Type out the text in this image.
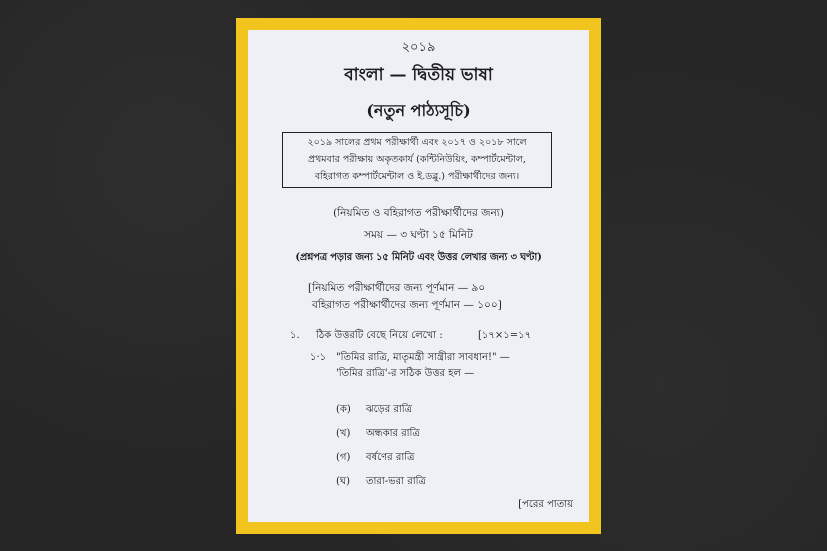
২০১৯
বাংলা — দ্বিতীয় ভাষা
(নতুন পাঠ্যসূচি)
২০১৯ সালের প্রথম পরীক্ষার্থী এবং ২০১৭ ও ২০১৮ সালে
প্রথমবার পরীক্ষায় অকৃতকার্য (কন্টিনিউয়িং, কম্পার্টমেন্টাল,
বহিরাগত কম্পার্টমেন্টাল ও ই.ডব্লু.) পরীক্ষার্থীদের জন্য।
(নিয়মিত ও বহিরাগত পরীক্ষার্থীদের জন্য)
সময় — ৩ ঘণ্টা ১৫ মিনিট
(প্রশ্নপত্র পড়ার জন্য ১৫ মিনিট এবং উত্তর লেখার জন্য ৩ ঘণ্টা)
[নিয়মিত পরীক্ষার্থীদের জন্য পূর্ণমান — ৯০
বহিরাগত পরীক্ষার্থীদের জন্য পূর্ণমান — ১০০]
১. ঠিক উত্তরটি বেছে নিয়ে লেখো :	[১৭×১=১৭
১·১ "তিমির রাত্রি, মাতৃমন্ত্রী সান্ত্রীরা সাবধান!" —
'তিমির রাত্রি'-র সঠিক উত্তর হল —
(ক) ঝড়ের রাত্রি
(খ) অন্ধকার রাত্রি
(গ) বর্ষণের রাত্রি
(ঘ) তারা-ভরা রাত্রি
[পরের পাতায়
